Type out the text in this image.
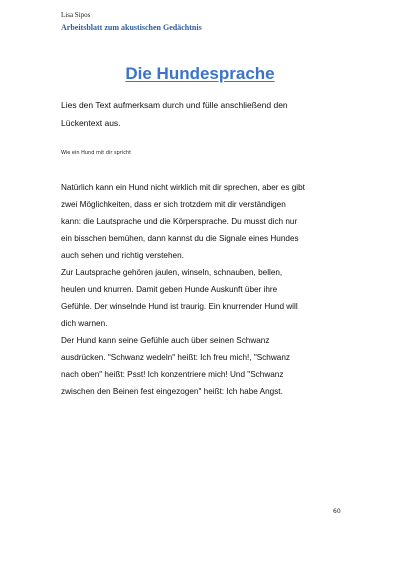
Lisa Sipos
Arbeitsblatt zum akustischen Gedächtnis
Die Hundesprache
Lies den Text aufmerksam durch und fülle anschließend den
Lückentext aus.
Wie ein Hund mit dir spricht
Natürlich kann ein Hund nicht wirklich mit dir sprechen, aber es gibt
zwei Möglichkeiten, dass er sich trotzdem mit dir verständigen
kann: die Lautsprache und die Körpersprache. Du musst dich nur
ein bisschen bemühen, dann kannst du die Signale eines Hundes
auch sehen und richtig verstehen.
Zur Lautsprache gehören jaulen, winseln, schnauben, bellen,
heulen und knurren. Damit geben Hunde Auskunft über ihre
Gefühle. Der winselnde Hund ist traurig. Ein knurrender Hund will
dich warnen.
Der Hund kann seine Gefühle auch über seinen Schwanz
ausdrücken. "Schwanz wedeln" heißt: Ich freu mich!, "Schwanz
nach oben" heißt: Psst! Ich konzentriere mich! Und "Schwanz
zwischen den Beinen fest eingezogen" heißt: Ich habe Angst.
60
